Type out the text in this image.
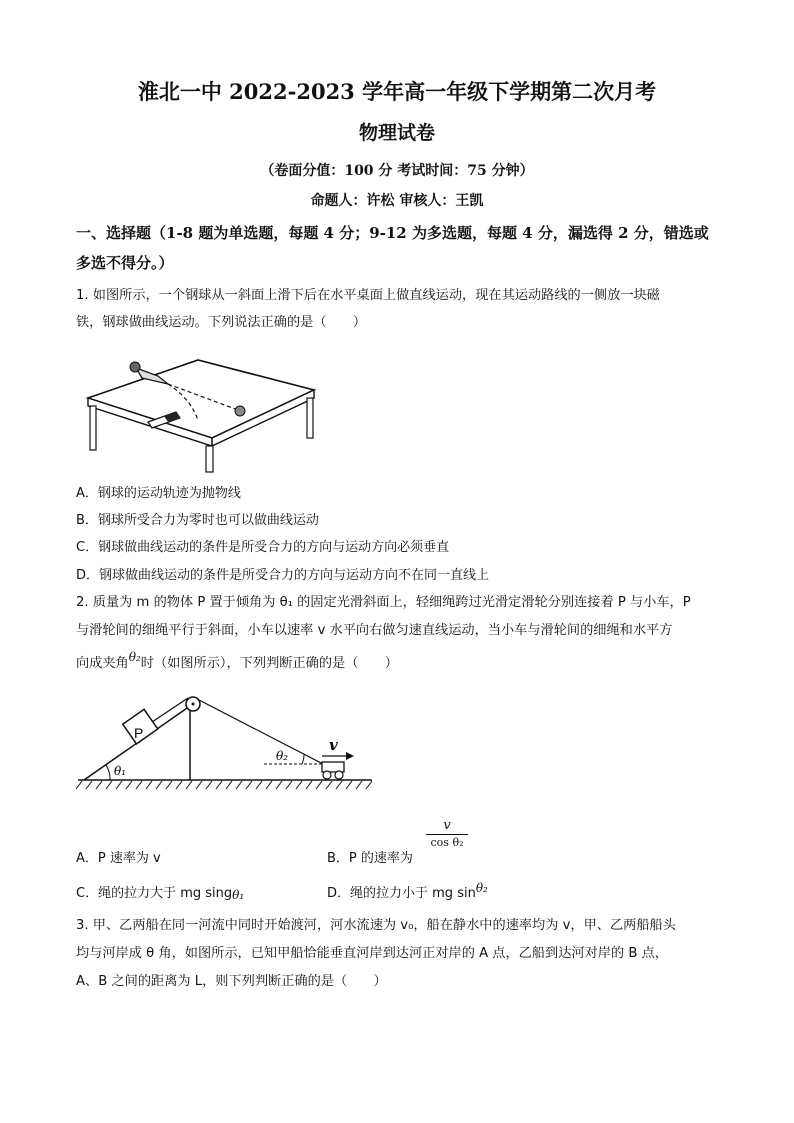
淮北一中 2022-2023 学年高一年级下学期第二次月考
物理试卷
（卷面分值：100 分 考试时间：75 分钟）
命题人：许松 审核人：王凯
一、选择题（1-8 题为单选题，每题 4 分；9-12 为多选题，每题 4 分，漏选得 2 分，错选或
多选不得分。）
1. 如图所示，一个钢球从一斜面上滑下后在水平桌面上做直线运动，现在其运动路线的一侧放一块磁
铁，钢球做曲线运动。下列说法正确的是（　　）
A．钢球的运动轨迹为抛物线
B．钢球所受合力为零时也可以做曲线运动
C．钢球做曲线运动的条件是所受合力的方向与运动方向必须垂直
D．钢球做曲线运动的条件是所受合力的方向与运动方向不在同一直线上
2. 质量为 m 的物体 P 置于倾角为 θ₁ 的固定光滑斜面上，轻细绳跨过光滑定滑轮分别连接着 P 与小车，P
与滑轮间的细绳平行于斜面，小车以速率 v 水平向右做匀速直线运动，当小车与滑轮间的细绳和水平方
向成夹角θ₂时（如图所示），下列判断正确的是（　　）
P
θ₂
θ₁
v
A．P 速率为 v	B．P 的速率为
v
cos θ₂
C．绳的拉力大于 mg singθ₁	D．绳的拉力小于 mg sinθ₂
3. 甲、乙两船在同一河流中同时开始渡河，河水流速为 v₀，船在静水中的速率均为 v，甲、乙两船船头
均与河岸成 θ 角，如图所示，已知甲船恰能垂直河岸到达河正对岸的 A 点，乙船到达河对岸的 B 点，
A、B 之间的距离为 L，则下列判断正确的是（　　）
